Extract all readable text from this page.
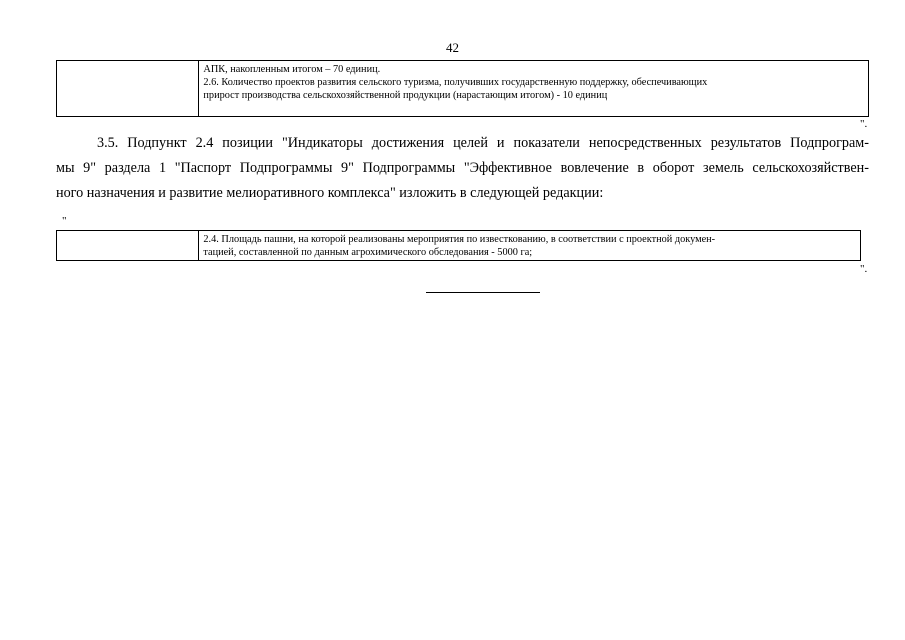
42
АПК, накопленным итогом – 70 единиц.
2.6. Количество проектов развития сельского туризма, получивших государственную поддержку, обеспечивающих
прирост производства сельскохозяйственной продукции (нарастающим итогом) - 10 единиц
".
3.5. Подпункт 2.4 позиции "Индикаторы достижения целей и показатели непосредственных результатов Подпрограм-
мы 9" раздела 1 "Паспорт Подпрограммы 9" Подпрограммы "Эффективное вовлечение в оборот земель сельскохозяйствен-
ного назначения и развитие мелиоративного комплекса" изложить в следующей редакции:
"
2.4. Площадь пашни, на которой реализованы мероприятия по известкованию, в соответствии с проектной докумен-
тацией, составленной по данным агрохимического обследования - 5000 га;
".
